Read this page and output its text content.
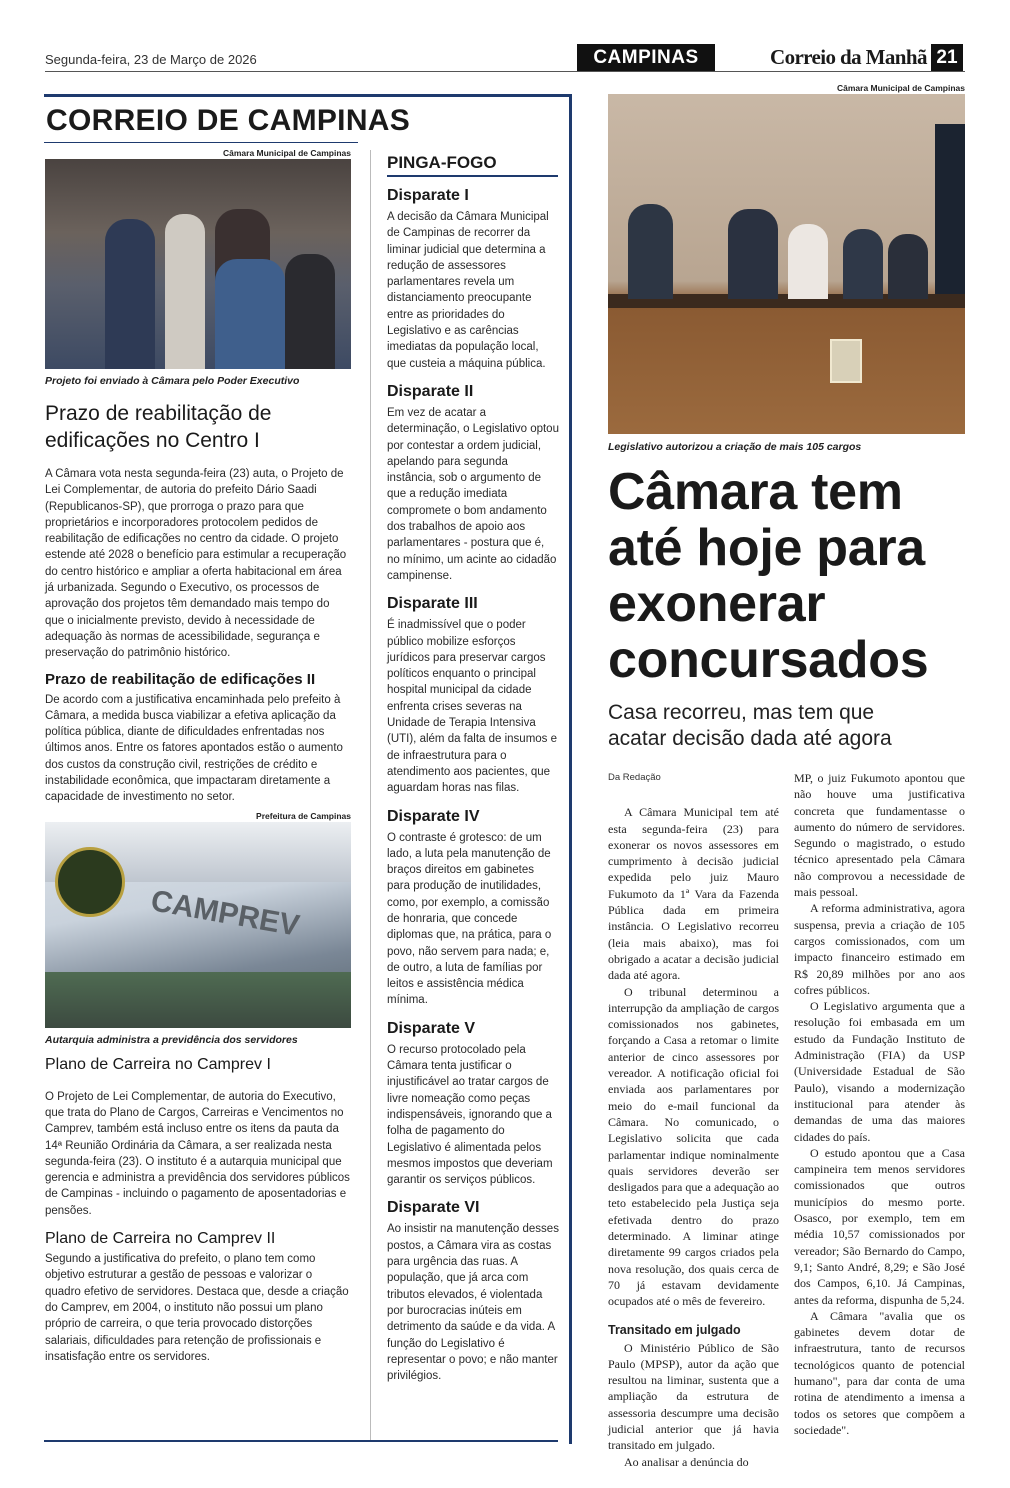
Segunda-feira, 23 de Março de 2026	CAMPINAS	Correio da Manhã 21
CORREIO DE CAMPINAS
Câmara Municipal de Campinas
Projeto foi enviado à Câmara pelo Poder Executivo
Prazo de reabilitação de edificações no Centro I
A Câmara vota nesta segunda-feira (23) auta, o Projeto de Lei Complementar, de autoria do prefeito Dário Saadi (Republicanos-SP), que prorroga o prazo para que proprietários e incorporadores protocolem pedidos de reabilitação de edificações no centro da cidade. O projeto estende até 2028 o benefício para estimular a recuperação do centro histórico e ampliar a oferta habitacional em área já urbanizada. Segundo o Executivo, os processos de aprovação dos projetos têm demandado mais tempo do que o inicialmente previsto, devido à necessidade de adequação às normas de acessibilidade, segurança e preservação do patrimônio histórico.
Prazo de reabilitação de edificações II
De acordo com a justificativa encaminhada pelo prefeito à Câmara, a medida busca viabilizar a efetiva aplicação da política pública, diante de dificuldades enfrentadas nos últimos anos. Entre os fatores apontados estão o aumento dos custos da construção civil, restrições de crédito e instabilidade econômica, que impactaram diretamente a capacidade de investimento no setor.
Prefeitura de Campinas
CAMPREV
Autarquia administra a previdência dos servidores
Plano de Carreira no Camprev I
O Projeto de Lei Complementar, de autoria do Executivo, que trata do Plano de Cargos, Carreiras e Vencimentos no Camprev, também está incluso entre os itens da pauta da 14ª Reunião Ordinária da Câmara, a ser realizada nesta segunda-feira (23). O instituto é a autarquia municipal que gerencia e administra a previdência dos servidores públicos de Campinas - incluindo o pagamento de aposentadorias e pensões.
Plano de Carreira no Camprev II
Segundo a justificativa do prefeito, o plano tem como objetivo estruturar a gestão de pessoas e valorizar o quadro efetivo de servidores. Destaca que, desde a criação do Camprev, em 2004, o instituto não possui um plano próprio de carreira, o que teria provocado distorções salariais, dificuldades para retenção de profissionais e insatisfação entre os servidores.
PINGA-FOGO
Disparate I
A decisão da Câmara Municipal de Campinas de recorrer da liminar judicial que determina a redução de assessores parlamentares revela um distanciamento preocupante entre as prioridades do Legislativo e as carências imediatas da população local, que custeia a máquina pública.
Disparate II
Em vez de acatar a determinação, o Legislativo optou por contestar a ordem judicial, apelando para segunda instância, sob o argumento de que a redução imediata compromete o bom andamento dos trabalhos de apoio aos parlamentares - postura que é, no mínimo, um acinte ao cidadão campinense.
Disparate III
É inadmissível que o poder público mobilize esforços jurídicos para preservar cargos políticos enquanto o principal hospital municipal da cidade enfrenta crises severas na Unidade de Terapia Intensiva (UTI), além da falta de insumos e de infraestrutura para o atendimento aos pacientes, que aguardam horas nas filas.
Disparate IV
O contraste é grotesco: de um lado, a luta pela manutenção de braços direitos em gabinetes para produção de inutilidades, como, por exemplo, a comissão de honraria, que concede diplomas que, na prática, para o povo, não servem para nada; e, de outro, a luta de famílias por leitos e assistência médica mínima.
Disparate V
O recurso protocolado pela Câmara tenta justificar o injustificável ao tratar cargos de livre nomeação como peças indispensáveis, ignorando que a folha de pagamento do Legislativo é alimentada pelos mesmos impostos que deveriam garantir os serviços públicos.
Disparate VI
Ao insistir na manutenção desses postos, a Câmara vira as costas para urgência das ruas. A população, que já arca com tributos elevados, é violentada por burocracias inúteis em detrimento da saúde e da vida. A função do Legislativo é representar o povo; e não manter privilégios.
Câmara Municipal de Campinas
Legislativo autorizou a criação de mais 105 cargos
Câmara tem até hoje para exonerar concursados
Casa recorreu, mas tem que acatar decisão dada até agora
Da Redação

A Câmara Municipal tem até esta segunda-feira (23) para exonerar os novos assessores em cumprimento à decisão judicial expedida pelo juiz Mauro Fukumoto da 1ª Vara da Fazenda Pública dada em primeira instância. O Legislativo recorreu (leia mais abaixo), mas foi obrigado a acatar a decisão judicial dada até agora.

O tribunal determinou a interrupção da ampliação de cargos comissionados nos gabinetes, forçando a Casa a retomar o limite anterior de cinco assessores por vereador. A notificação oficial foi enviada aos parlamentares por meio do e-mail funcional da Câmara. No comunicado, o Legislativo solicita que cada parlamentar indique nominalmente quais servidores deverão ser desligados para que a adequação ao teto estabelecido pela Justiça seja efetivada dentro do prazo determinado. A liminar atinge diretamente 99 cargos criados pela nova resolução, dos quais cerca de 70 já estavam devidamente ocupados até o mês de fevereiro.

Transitado em julgado

O Ministério Público de São Paulo (MPSP), autor da ação que resultou na liminar, sustenta que a ampliação da estrutura de assessoria descumpre uma decisão judicial anterior que já havia transitado em julgado.

Ao analisar a denúncia do

MP, o juiz Fukumoto apontou que não houve uma justificativa concreta que fundamentasse o aumento do número de servidores. Segundo o magistrado, o estudo técnico apresentado pela Câmara não comprovou a necessidade de mais pessoal.

A reforma administrativa, agora suspensa, previa a criação de 105 cargos comissionados, com um impacto financeiro estimado em R$ 20,89 milhões por ano aos cofres públicos.

O Legislativo argumenta que a resolução foi embasada em um estudo da Fundação Instituto de Administração (FIA) da USP (Universidade Estadual de São Paulo), visando a modernização institucional para atender às demandas de uma das maiores cidades do país.

O estudo apontou que a Casa campineira tem menos servidores comissionados que outros municípios do mesmo porte. Osasco, por exemplo, tem em média 10,57 comissionados por vereador; São Bernardo do Campo, 9,1; Santo André, 8,29; e São José dos Campos, 6,10. Já Campinas, antes da reforma, dispunha de 5,24.

A Câmara "avalia que os gabinetes devem dotar de infraestrutura, tanto de recursos tecnológicos quanto de potencial humano", para dar conta de uma rotina de atendimento a imensa a todos os setores que compõem a sociedade".
